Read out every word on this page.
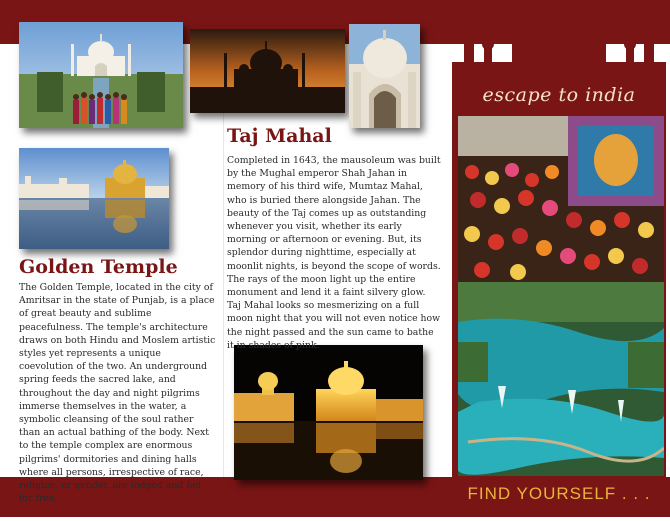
Taj Mahal
Golden Temple

Completed in 1643, the mausoleum was built by the Mughal emperor Shah Jahan in memory of his third wife, Mumtaz Mahal, who is buried there alongside Jahan. The beauty of the Taj comes up as outstanding whenever you visit, whether its early morning or afternoon or evening. But, its splendor during nighttime, especially at moonlit nights, is beyond the scope of words. The rays of the moon light up the entire monument and lend it a faint silvery glow. Taj Mahal looks so mesmerizing on a full moon night that you will not even notice how the night passed and the sun came to bathe it in shades of pink.

The Golden Temple, located in the city of Amritsar in the state of Punjab, is a place of great beauty and sublime peacefulness. The temple's architecture draws on both Hindu and Moslem artistic styles yet represents a unique coevolution of the two. An underground spring feeds the sacred lake, and throughout the day and night pilgrims immerse themselves in the water, a symbolic cleansing of the soul rather than an actual bathing of the body. Next to the temple complex are enormous pilgrims' dormitories and dining halls where all persons, irrespective of race, religion, or gender, are lodged and fed for free.

escape to india
FIND YOURSELF . . .
